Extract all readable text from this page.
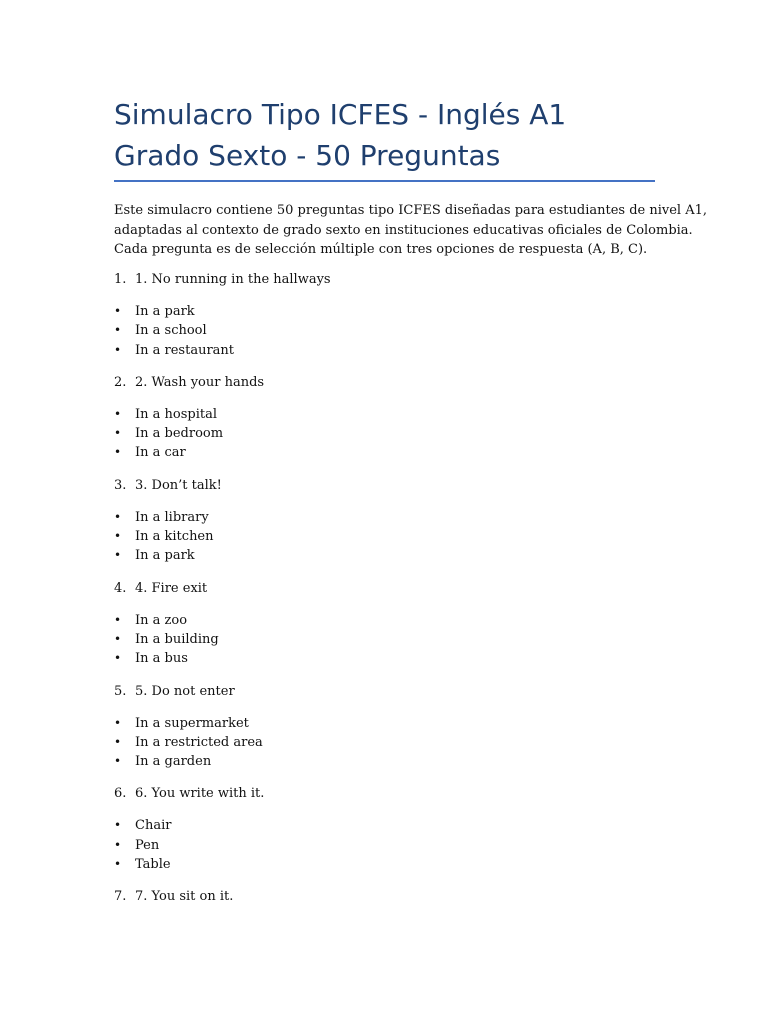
Simulacro Tipo ICFES - Inglés A1
Grado Sexto - 50 Preguntas

Este simulacro contiene 50 preguntas tipo ICFES diseñadas para estudiantes de nivel A1,
adaptadas al contexto de grado sexto en instituciones educativas oficiales de Colombia.
Cada pregunta es de selección múltiple con tres opciones de respuesta (A, B, C).

1. 1. No running in the hallways
• In a park
• In a school
• In a restaurant
2. 2. Wash your hands
• In a hospital
• In a bedroom
• In a car
3. 3. Don’t talk!
• In a library
• In a kitchen
• In a park
4. 4. Fire exit
• In a zoo
• In a building
• In a bus
5. 5. Do not enter
• In a supermarket
• In a restricted area
• In a garden
6. 6. You write with it.
• Chair
• Pen
• Table
7. 7. You sit on it.
